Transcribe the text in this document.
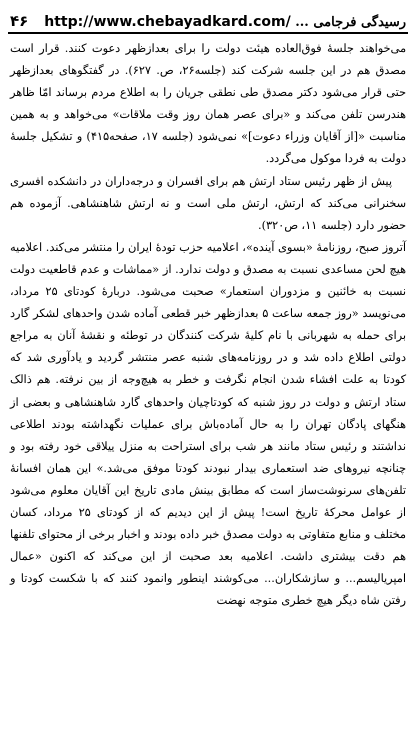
۴۶ http://www.chebayadkard.com/ رسیدگی فرجامی ...

می‌خواهند جلسهٔ فوق‌العاده هیئت دولت را برای بعدازظهر دعوت کنند. قرار است مصدق هم در این جلسه شرکت کند (جلسه۲۶، ص. ۶۲۷). در گفتگوهای بعدازظهر حتی قرار می‌شود دکتر مصدق طی نطقی جریان را به اطلاع مردم برساند امّا ظاهر هندرسن تلفن می‌کند و «برای عصر همان روز وقت ملاقات» می‌خواهد و به همین مناسبت «[از آقایان وزراء دعوت]» نمی‌شود (جلسه ۱۷، صفحه۴۱۵) و تشکیل جلسهٔ دولت به فردا موکول می‌گردد.

پیش از ظهر رئیس ستاد ارتش هم برای افسران و درجه‌داران در دانشکده افسری سخنرانی می‌کند که ارتش، ارتش ملی است و نه ارتش شاهنشاهی. آزموده هم حضور دارد (جلسه ۱۱، ص۳۲۰).

آتروز صبح، روزنامهٔ «بسوی آینده»، اعلامیه حزب تودهٔ ایران را منتشر می‌کند. اعلامیه هیچ لحن مساعدی نسبت به مصدق و دولت ندارد. از «مماشات و عدم قاطعیت دولت نسبت به خائنین و مزدوران استعمار» صحبت می‌شود. دربارهٔ کودتای ۲۵ مرداد، می‌نویسد «روز جمعه ساعت ۵ بعدازظهر خبر قطعی آماده شدن واحدهای لشکر گارد برای حمله به شهربانی با نام کلیهٔ شرکت کنندگان در توطئه و نقشهٔ آنان به مراجع دولتی اطلاع داده شد و در روزنامه‌های شنبه عصر منتشر گردید و یادآوری شد که کودتا به علت افشاء شدن انجام نگرفت و خطر به هیچ‌وجه از بین نرفته. هم ذالک ستاد ارتش و دولت در روز شنبه که کودتاچیان واحدهای گارد شاهنشاهی و بعضی از هنگهای پادگان تهران را به حال آماده‌باش برای عملیات نگهداشته بودند اطلاعی نداشتند و رئیس ستاد مانند هر شب برای استراحت به منزل ییلاقی خود رفته بود و چنانچه نیروهای ضد استعماری بیدار نبودند کودتا موفق می‌شد.» این همان افسانهٔ تلفن‌های سرنوشت‌ساز است که مطابق بینش مادی تاریخ این آقایان معلوم می‌شود از عوامل محرکهٔ تاریخ است! پیش از این دیدیم که از کودتای ۲۵ مرداد، کسان مختلف و منابع متفاوتی به دولت مصدق خبر داده بودند و اخبار برخی از محتوای تلفنها هم دقت بیشتری داشت. اعلامیه بعد صحبت از این می‌کند که اکنون «عمال امپریالیسم... و سازشکاران... می‌کوشند اینطور وانمود کنند که با شکست کودتا و رفتن شاه دیگر هیچ خطری متوجه نهضت
